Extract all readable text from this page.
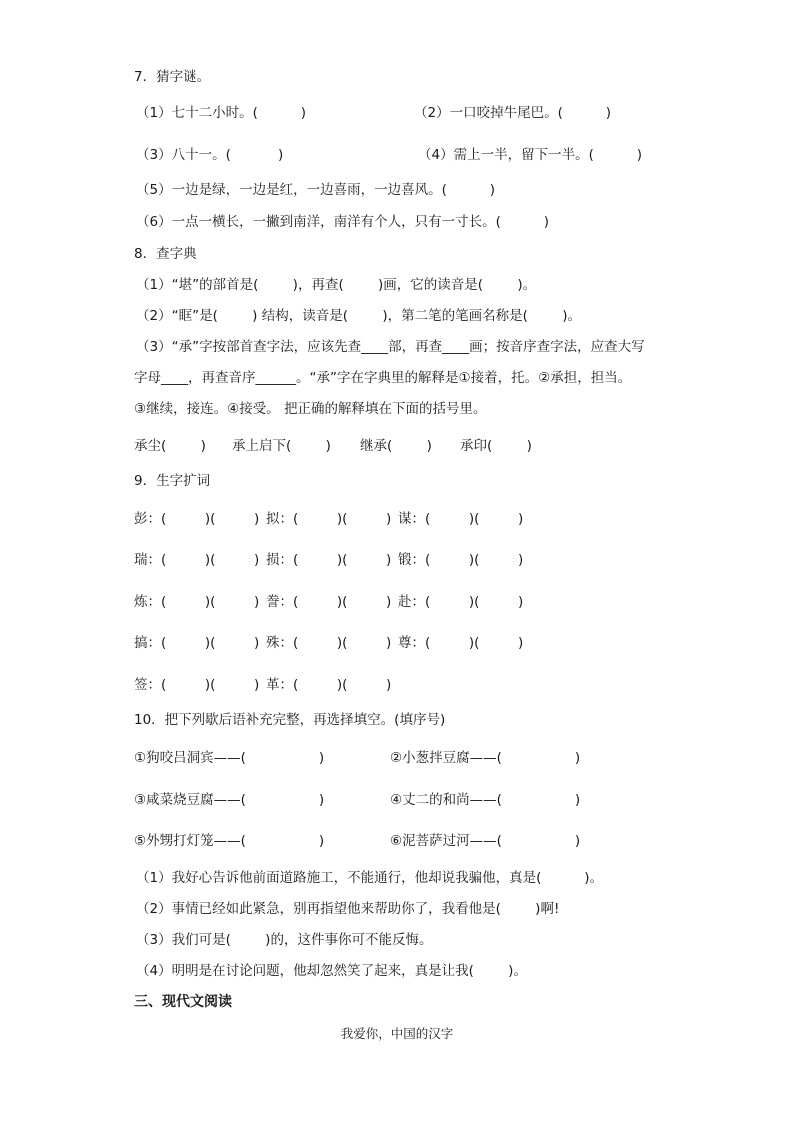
7．猜字谜。
（1）七十二小时。(          )	（2）一口咬掉牛尾巴。(          )
（3）八十一。(           )	（4）需上一半，留下一半。(          )
（5）一边是绿，一边是红，一边喜雨，一边喜风。(          )
（6）一点一横长，一撇到南洋，南洋有个人，只有一寸长。(          )
8．查字典
（1）“堪”的部首是(        )，再查(        )画，它的读音是(        )。
（2）“眶”是(        ) 结构，读音是(        )，第二笔的笔画名称是(        )。
（3）“承”字按部首查字法，应该先查____部，再查____画；按音序查字法，应查大写
字母____，再查音序______。“承”字在字典里的解释是①接着，托。②承担，担当。
③继续，接连。④接受。 把正确的解释填在下面的括号里。
承尘(        ) 承上启下(        ) 继承(        ) 承印(        )
9．生字扩词
彭：(         )(         ) 拟：(         )(         ) 谋：(         )(         )
瑞：(         )(         ) 损：(         )(         ) 锻：(         )(         )
炼：(         )(         ) 誊：(         )(         ) 赴：(         )(         )
搞：(         )(         ) 殊：(         )(         ) 尊：(         )(         )
签：(         )(         ) 革：(         )(         )
10．把下列歇后语补充完整，再选择填空。(填序号)
①狗咬吕洞宾——(                 )	②小葱拌豆腐——(                 )
③咸菜烧豆腐——(                 )	④丈二的和尚——(                 )
⑤外甥打灯笼——(                 )	⑥泥菩萨过河——(                 )
（1）我好心告诉他前面道路施工，不能通行，他却说我骗他，真是(          )。
（2）事情已经如此紧急，别再指望他来帮助你了，我看他是(        )啊!
（3）我们可是(        )的，这件事你可不能反悔。
（4）明明是在讨论问题，他却忽然笑了起来，真是让我(        )。
三、现代文阅读
我爱你，中国的汉字
